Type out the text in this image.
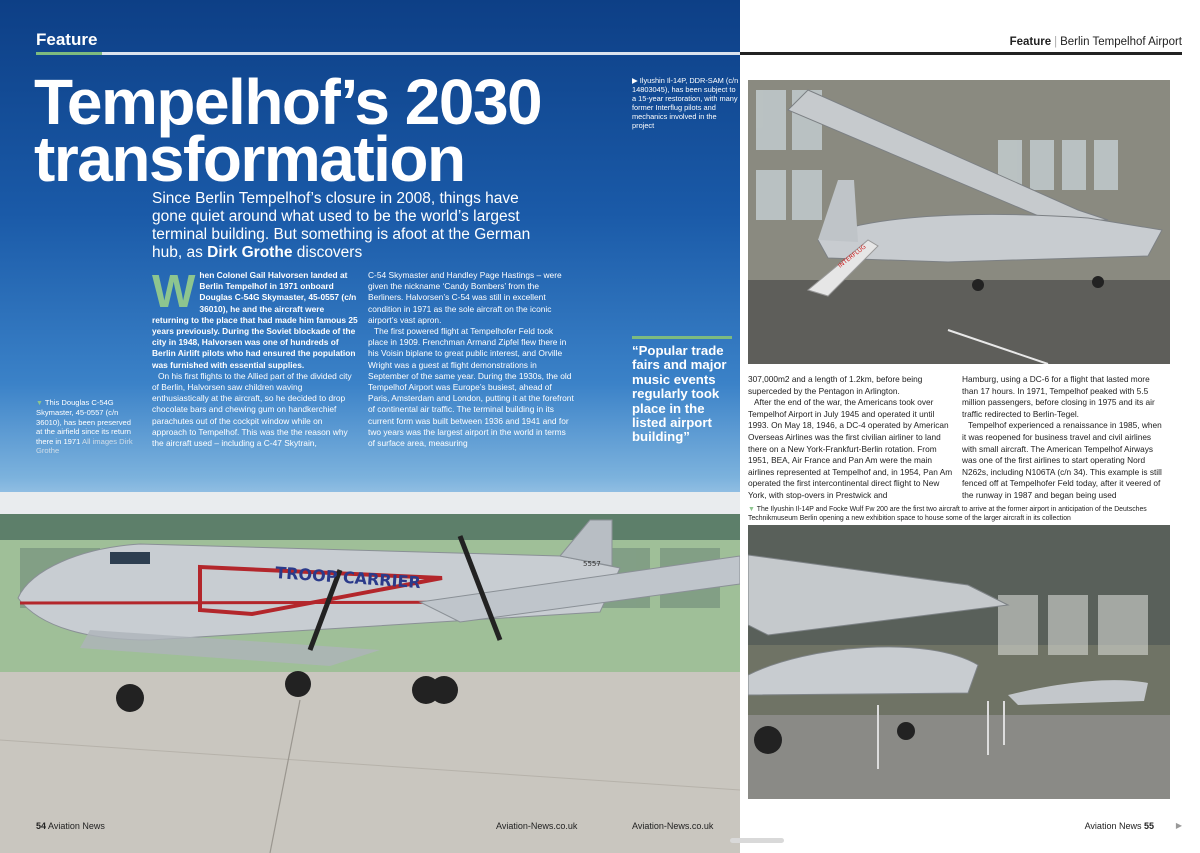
TROOP CARRIER	5557
Feature
Tempelhof’s 2030 transformation

Since Berlin Tempelhof’s closure in 2008, things have gone quiet around what used to be the world’s largest terminal building. But something is afoot at the German hub, as Dirk Grothe discovers

W hen Colonel Gail Halvorsen landed at Berlin Tempelhof in 1971 onboard Douglas C-54G Skymaster, 45-0557 (c/n 36010), he and the aircraft were returning to the place that had made him famous 25 years previously. During the Soviet blockade of the city in 1948, Halvorsen was one of hundreds of Berlin Airlift pilots who had ensured the population was furnished with essential supplies.

On his first flights to the Allied part of the divided city of Berlin, Halvorsen saw children waving enthusiastically at the aircraft, so he decided to drop chocolate bars and chewing gum on handkerchief parachutes out of the cockpit window while on approach to Tempelhof. This was the the reason why the aircraft used – including a C-47 Skytrain,

C-54 Skymaster and Handley Page Hastings – were given the nickname ‘Candy Bombers’ from the Berliners. Halvorsen’s C-54 was still in excellent condition in 1971 as the sole aircraft on the iconic airport’s vast apron.

The first powered flight at Tempelhofer Feld took place in 1909. Frenchman Armand Zipfel flew there in his Voisin biplane to great public interest, and Orville Wright was a guest at flight demonstrations in September of the same year. During the 1930s, the old Tempelhof Airport was Europe’s busiest, ahead of Paris, Amsterdam and London, putting it at the forefront of continental air traffic. The terminal building in its current form was built between 1936 and 1941 and for two years was the largest airport in the world in terms of surface area, measuring

▼ This Douglas C-54G Skymaster, 45-0557 (c/n 36010), has been preserved at the airfield since its return there in 1971 All images Dirk Grothe

▶ Ilyushin Il-14P, DDR-SAM (c/n 14803045), has been subject to a 15-year restoration, with many former Interflug pilots and mechanics involved in the project

“Popular trade fairs and major music events regularly took place in the listed airport building”

54 Aviation News	Aviation-News.co.uk
Feature | Berlin Tempelhof Airport
INTERFLUG

307,000m2 and a length of 1.2km, before being superceded by the Pentagon in Arlington.
After the end of the war, the Americans took over Tempelhof Airport in July 1945 and operated it until 1993. On May 18, 1946, a DC-4 operated by American Overseas Airlines was the first civilian airliner to land there on a New York-Frankfurt-Berlin rotation. From 1951, BEA, Air France and Pan Am were the main airlines represented at Tempelhof and, in 1954, Pan Am operated the first intercontinental direct flight to New York, with stop-overs in Prestwick and

Hamburg, using a DC-6 for a flight that lasted more than 17 hours. In 1971, Tempelhof peaked with 5.5 million passengers, before closing in 1975 and its air traffic redirected to Berlin-Tegel.
Tempelhof experienced a renaissance in 1985, when it was reopened for business travel and civil airlines with small aircraft. The American Tempelhof Airways was one of the first airlines to start operating Nord N262s, including N106TA (c/n 34). This example is still fenced off at Tempelhofer Feld today, after it veered of the runway in 1987 and began being used

▼ The Ilyushin Il-14P and Focke Wulf Fw 200 are the first two aircraft to arrive at the former airport in anticipation of the Deutsches Technikmuseum Berlin opening a new exhibition space to house some of the larger aircraft in its collection

Aviation-News.co.uk	Aviation News 55	▶
